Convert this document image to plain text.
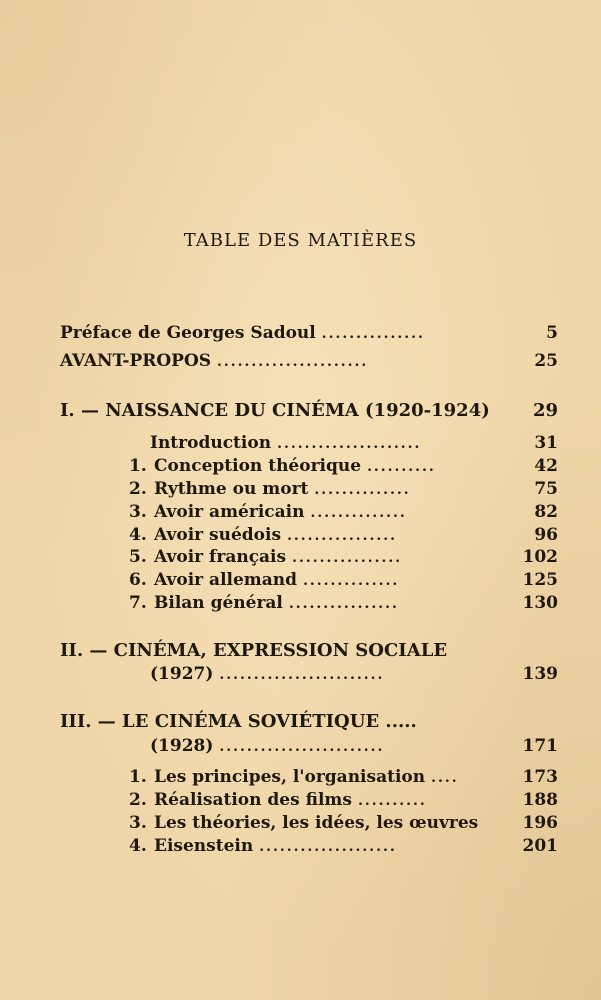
TABLE DES MATIÈRES
Préface de Georges Sadoul ...............	5
AVANT-PROPOS ......................	25
I. — NAISSANCE DU CINÉMA (1920-1924)	29
Introduction .....................	31
1. Conception théorique ..........	42
2. Rythme ou mort ..............	75
3. Avoir américain ..............	82
4. Avoir suédois ................	96
5. Avoir français ................	102
6. Avoir allemand ..............	125
7. Bilan général ................	130
II. — CINÉMA, EXPRESSION SOCIALE
(1927) ........................	139
III. — LE CINÉMA SOVIÉTIQUE .....
(1928) ........................	171
1. Les principes, l'organisation ....	173
2. Réalisation des films ..........	188
3. Les théories, les idées, les œuvres	196
4. Eisenstein ....................	201
